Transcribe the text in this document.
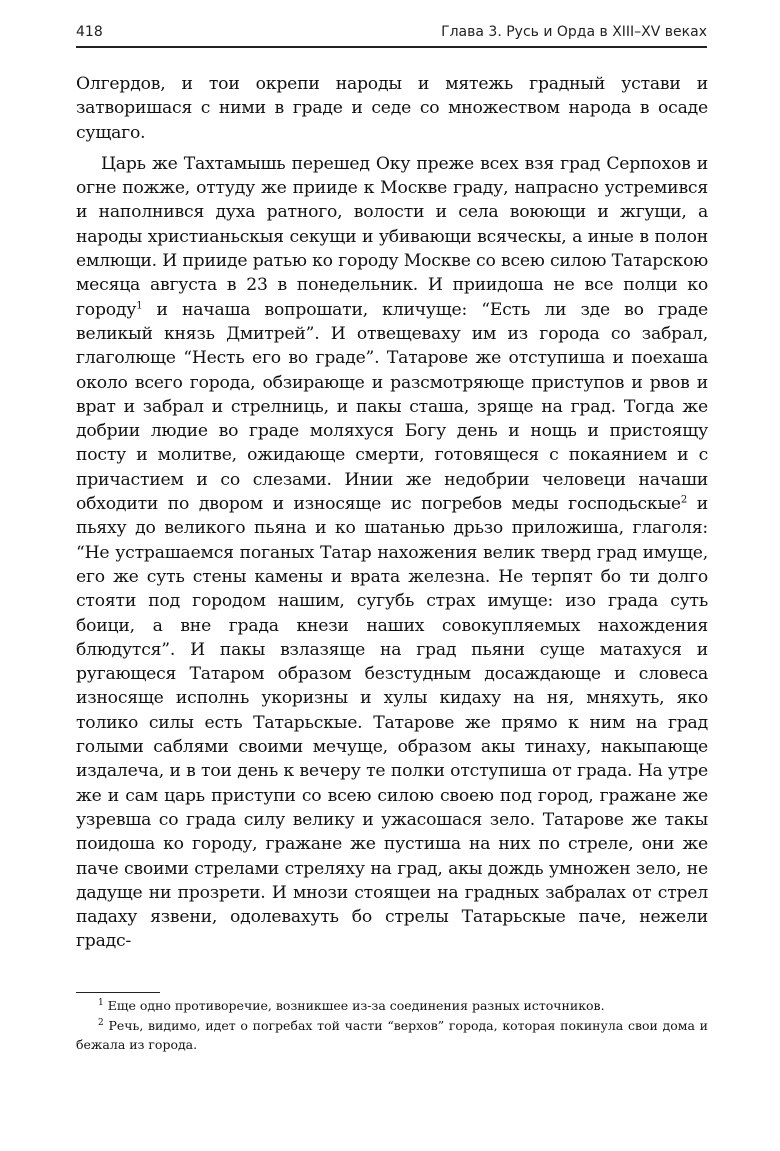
418	Глава 3. Русь и Орда в XIII–XV веках

Олгердов, и тои окрепи народы и мятежь градный устави и затворишася с ними в граде и седе со множеством народа в осаде сущаго.

Царь же Тахтамышь перешед Оку преже всех взя град Серпохов и огне пожже, оттуду же прииде к Москве граду, напрасно устремився и наполнився духа ратного, волости и села воюющи и жгущи, а народы христианьскыя секущи и убивающи всяческы, а иные в полон емлющи. И прииде ратью ко городу Москве со всею силою Татарскою месяца августа в 23 в понедельник. И приидоша не все полци ко городу$^1$ и начаша вопрошати, кличуще: “Есть ли зде во граде великый князь Дмитрей”. И отвещеваху им из города со забрал, глаголюще “Несть его во граде”. Татарове же отступиша и поехаша около всего города, обзирающе и разсмотряюще приступов и рвов и врат и забрал и стрелниць, и пакы сташа, зряще на град. Тогда же добрии людие во граде моляхуся Богу день и нощь и пристоящу посту и молитве, ожидающе смерти, готовящеся с покаянием и с причастием и со слезами. Инии же недобрии человеци начаши обходити по двором и износяще ис погребов меды господьскые$^2$ и пьяху до великого пьяна и ко шатанью дрьзо приложиша, глаголя: “Не устрашаемся поганых Татар нахожения велик тверд град имуще, его же суть стены камены и врата железна. Не терпят бо ти долго стояти под городом нашим, сугубь страх имуще: изо града суть боици, а вне града кнези наших совокупляемых нахождения блюдутся”. И пакы взлазяще на град пьяни суще матахуся и ругающеся Татаром образом безстудным досаждающе и словеса износяще исполнь укоризны и хулы кидаху на ня, мняхуть, яко толико силы есть Татарьскые. Татарове же прямо к ним на град голыми саблями своими мечуще, образом акы тинаху, накыпающе издалеча, и в тои день к вечеру те полки отступиша от града. На утре же и сам царь приступи со всею силою своею под город, гражане же узревша со града силу велику и ужасошася зело. Татарове же такы поидоша ко городу, гражане же пустиша на них по стреле, они же паче своими стрелами стреляху на град, акы дождь умножен зело, не дадуще ни прозрети. И мнози стоящеи на градных забралах от стрел падаху язвени, одолевахуть бо стрелы Татарьскые паче, нежели градс-

$^1$ Еще одно противоречие, возникшее из-за соединения разных источников.

$^2$ Речь, видимо, идет о погребах той части “верхов” города, которая покинула свои дома и бежала из города.
